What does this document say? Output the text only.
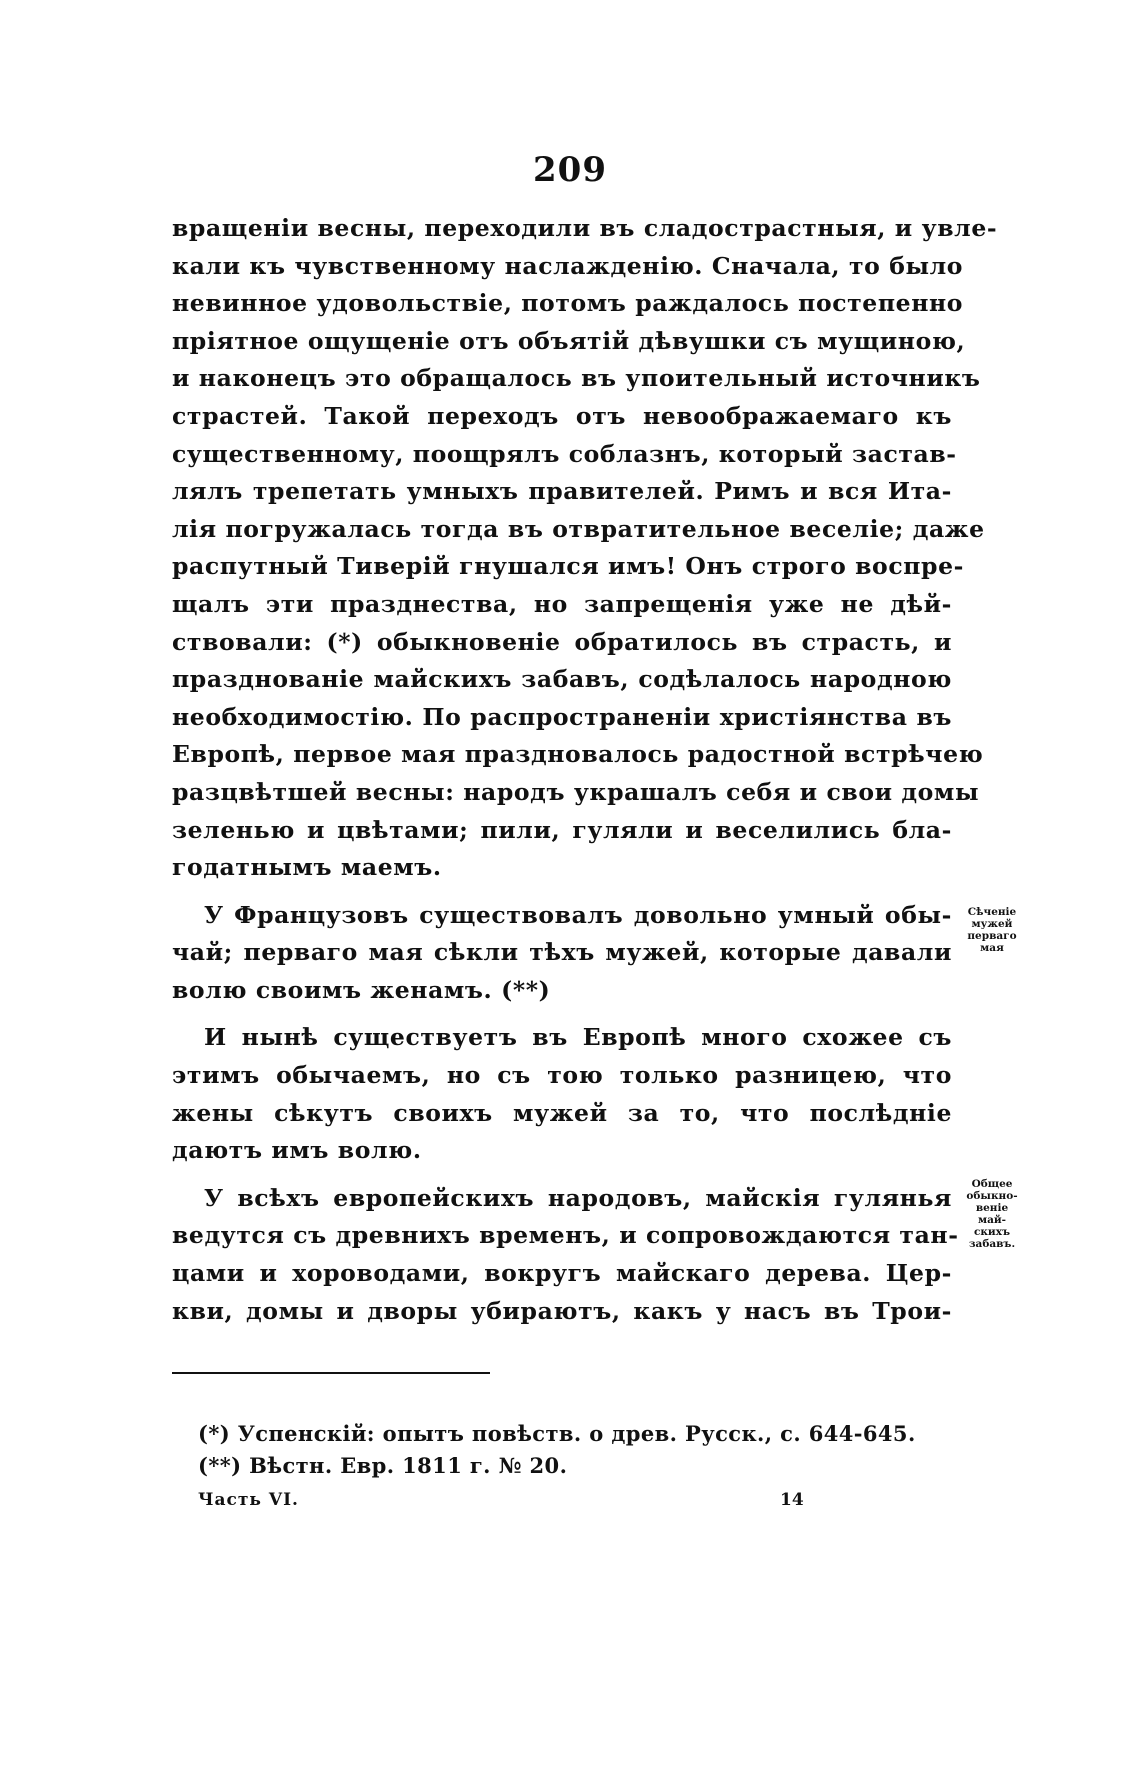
209
вращенiи весны, переходили въ сладострастныя, и увле-
кали къ чувственному наслажденiю. Сначала, то было
невинное удовольствiе, потомъ раждалось постепенно
прiятное ощущенiе отъ объятiй дѣвушки съ мущиною,
и наконецъ это обращалось въ упоительный источникъ
страстей. Такой переходъ отъ невоображаемаго къ
существенному, поощрялъ соблазнъ, который застав-
лялъ трепетать умныхъ правителей. Римъ и вся Ита-
лiя погружалась тогда въ отвратительное веселiе; даже
распутный Тиверiй гнушался имъ! Онъ строго воспре-
щалъ эти празднества, но запрещенiя уже не дѣй-
ствовали: (*) обыкновенiе обратилось въ страсть, и
празднованiе майскихъ забавъ, содѣлалось народною
необходимостiю. По распространенiи христiянства въ
Европѣ, первое мая праздновалось радостной встрѣчею
разцвѣтшей весны: народъ украшалъ себя и свои домы
зеленью и цвѣтами; пили, гуляли и веселились бла-
годатнымъ маемъ.
У Французовъ существовалъ довольно умный обы-
чай; перваго мая сѣкли тѣхъ мужей, которые давали
волю своимъ женамъ. (**)
И нынѣ существуетъ въ Европѣ много схожее съ
этимъ обычаемъ, но съ тою только разницею, что
жены сѣкутъ своихъ мужей за то, что послѣднiе
даютъ имъ волю.
У всѣхъ европейскихъ народовъ, майскiя гулянья
ведутся съ древнихъ временъ, и сопровождаются тан-
цами и хороводами, вокругъ майскаго дерева. Цер-
кви, домы и дворы убираютъ, какъ у насъ въ Трои-
Сѣченiе
мужей
перваго
мая
Общее
обыкно-
венiе
май-
скихъ
забавъ.
(*) Успенскiй: опытъ повѣств. о древ. Русск., с. 644-645.
(**) Вѣстн. Евр. 1811 г. № 20.
Часть VI.	14
